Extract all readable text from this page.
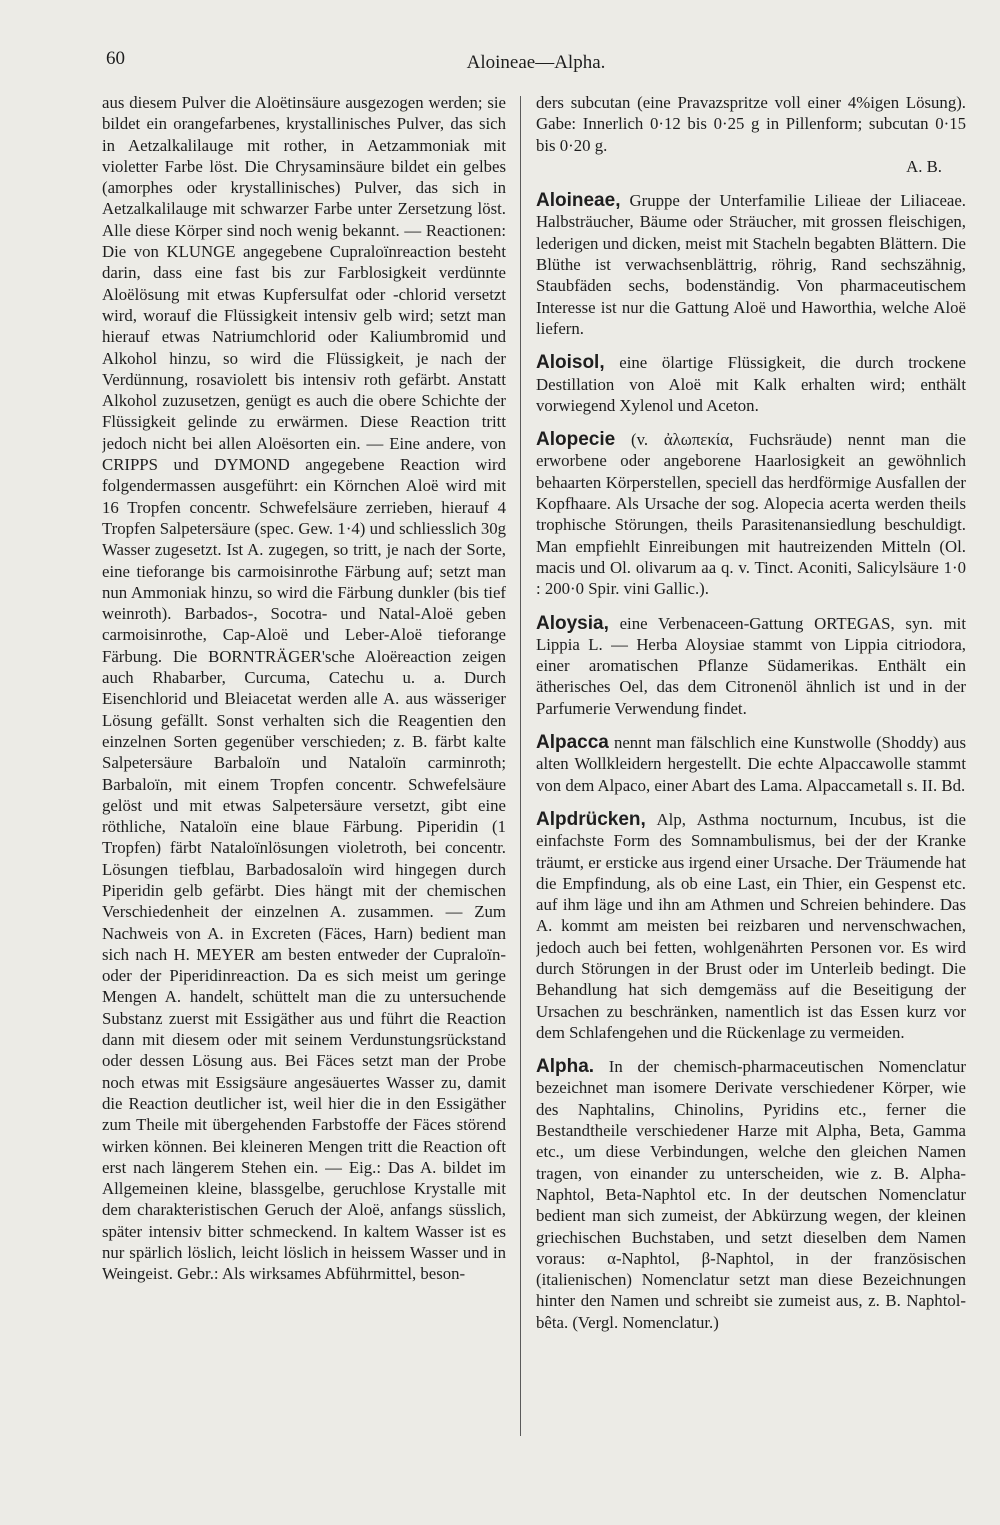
60	Aloineae—Alpha.

aus diesem Pulver die Aloëtinsäure ausgezogen werden; sie bildet ein orangefarbenes, krystallinisches Pulver, das sich in Aetzalkalilauge mit rother, in Aetzammoniak mit violetter Farbe löst. Die Chrysaminsäure bildet ein gelbes (amorphes oder krystallinisches) Pulver, das sich in Aetzalkalilauge mit schwarzer Farbe unter Zersetzung löst. Alle diese Körper sind noch wenig bekannt. — Reactionen: Die von KLUNGE angegebene Cupraloïnreaction besteht darin, dass eine fast bis zur Farblosigkeit verdünnte Aloëlösung mit etwas Kupfersulfat oder -chlorid versetzt wird, worauf die Flüssigkeit intensiv gelb wird; setzt man hierauf etwas Natriumchlorid oder Kaliumbromid und Alkohol hinzu, so wird die Flüssigkeit, je nach der Verdünnung, rosaviolett bis intensiv roth gefärbt. Anstatt Alkohol zuzusetzen, genügt es auch die obere Schichte der Flüssigkeit gelinde zu erwärmen. Diese Reaction tritt jedoch nicht bei allen Aloësorten ein. — Eine andere, von CRIPPS und DYMOND angegebene Reaction wird folgendermassen ausgeführt: ein Körnchen Aloë wird mit 16 Tropfen concentr. Schwefelsäure zerrieben, hierauf 4 Tropfen Salpetersäure (spec. Gew. 1·4) und schliesslich 30g Wasser zugesetzt. Ist A. zugegen, so tritt, je nach der Sorte, eine tieforange bis carmoisinrothe Färbung auf; setzt man nun Ammoniak hinzu, so wird die Färbung dunkler (bis tief weinroth). Barbados-, Socotra- und Natal-Aloë geben carmoisinrothe, Cap-Aloë und Leber-Aloë tieforange Färbung. Die BORNTRÄGER'sche Aloëreaction zeigen auch Rhabarber, Curcuma, Catechu u. a. Durch Eisenchlorid und Bleiacetat werden alle A. aus wässeriger Lösung gefällt. Sonst verhalten sich die Reagentien den einzelnen Sorten gegenüber verschieden; z. B. färbt kalte Salpetersäure Barbaloïn und Nataloïn carminroth; Barbaloïn, mit einem Tropfen concentr. Schwefelsäure gelöst und mit etwas Salpetersäure versetzt, gibt eine röthliche, Nataloïn eine blaue Färbung. Piperidin (1 Tropfen) färbt Nataloïnlösungen violetroth, bei concentr. Lösungen tiefblau, Barbadosaloïn wird hingegen durch Piperidin gelb gefärbt. Dies hängt mit der chemischen Verschiedenheit der einzelnen A. zusammen. — Zum Nachweis von A. in Excreten (Fäces, Harn) bedient man sich nach H. MEYER am besten entweder der Cupraloïn- oder der Piperidinreaction. Da es sich meist um geringe Mengen A. handelt, schüttelt man die zu untersuchende Substanz zuerst mit Essigäther aus und führt die Reaction dann mit diesem oder mit seinem Verdunstungsrückstand oder dessen Lösung aus. Bei Fäces setzt man der Probe noch etwas mit Essigsäure angesäuertes Wasser zu, damit die Reaction deutlicher ist, weil hier die in den Essigäther zum Theile mit übergehenden Farbstoffe der Fäces störend wirken können. Bei kleineren Mengen tritt die Reaction oft erst nach längerem Stehen ein. — Eig.: Das A. bildet im Allgemeinen kleine, blassgelbe, geruchlose Krystalle mit dem charakteristischen Geruch der Aloë, anfangs süsslich, später intensiv bitter schmeckend. In kaltem Wasser ist es nur spärlich löslich, leicht löslich in heissem Wasser und in Weingeist. Gebr.: Als wirksames Abführmittel, beson-

ders subcutan (eine Pravazspritze voll einer 4%igen Lösung). Gabe: Innerlich 0·12 bis 0·25 g in Pillenform; subcutan 0·15 bis 0·20 g.
A. B.

Aloineae, Gruppe der Unterfamilie Lilieae der Liliaceae. Halbsträucher, Bäume oder Sträucher, mit grossen fleischigen, lederigen und dicken, meist mit Stacheln begabten Blättern. Die Blüthe ist verwachsenblättrig, röhrig, Rand sechszähnig, Staubfäden sechs, bodenständig. Von pharmaceutischem Interesse ist nur die Gattung Aloë und Haworthia, welche Aloë liefern.

Aloisol, eine ölartige Flüssigkeit, die durch trockene Destillation von Aloë mit Kalk erhalten wird; enthält vorwiegend Xylenol und Aceton.

Alopecie (v. ἀλωπεκία, Fuchsräude) nennt man die erworbene oder angeborene Haarlosigkeit an gewöhnlich behaarten Körperstellen, speciell das herdförmige Ausfallen der Kopfhaare. Als Ursache der sog. Alopecia acerta werden theils trophische Störungen, theils Parasitenansiedlung beschuldigt. Man empfiehlt Einreibungen mit hautreizenden Mitteln (Ol. macis und Ol. olivarum aa q. v. Tinct. Aconiti, Salicylsäure 1·0 : 200·0 Spir. vini Gallic.).

Aloysia, eine Verbenaceen-Gattung ORTEGAS, syn. mit Lippia L. — Herba Aloysiae stammt von Lippia citriodora, einer aromatischen Pflanze Südamerikas. Enthält ein ätherisches Oel, das dem Citronenöl ähnlich ist und in der Parfumerie Verwendung findet.

Alpacca nennt man fälschlich eine Kunstwolle (Shoddy) aus alten Wollkleidern hergestellt. Die echte Alpaccawolle stammt von dem Alpaco, einer Abart des Lama. Alpaccametall s. II. Bd.

Alpdrücken, Alp, Asthma nocturnum, Incubus, ist die einfachste Form des Somnambulismus, bei der der Kranke träumt, er ersticke aus irgend einer Ursache. Der Träumende hat die Empfindung, als ob eine Last, ein Thier, ein Gespenst etc. auf ihm läge und ihn am Athmen und Schreien behindere. Das A. kommt am meisten bei reizbaren und nervenschwachen, jedoch auch bei fetten, wohlgenährten Personen vor. Es wird durch Störungen in der Brust oder im Unterleib bedingt. Die Behandlung hat sich demgemäss auf die Beseitigung der Ursachen zu beschränken, namentlich ist das Essen kurz vor dem Schlafengehen und die Rückenlage zu vermeiden.

Alpha. In der chemisch-pharmaceutischen Nomenclatur bezeichnet man isomere Derivate verschiedener Körper, wie des Naphtalins, Chinolins, Pyridins etc., ferner die Bestandtheile verschiedener Harze mit Alpha, Beta, Gamma etc., um diese Verbindungen, welche den gleichen Namen tragen, von einander zu unterscheiden, wie z. B. Alpha-Naphtol, Beta-Naphtol etc. In der deutschen Nomenclatur bedient man sich zumeist, der Abkürzung wegen, der kleinen griechischen Buchstaben, und setzt dieselben dem Namen voraus: α-Naphtol, β-Naphtol, in der französischen (italienischen) Nomenclatur setzt man diese Bezeichnungen hinter den Namen und schreibt sie zumeist aus, z. B. Naphtol-bêta. (Vergl. Nomenclatur.)
